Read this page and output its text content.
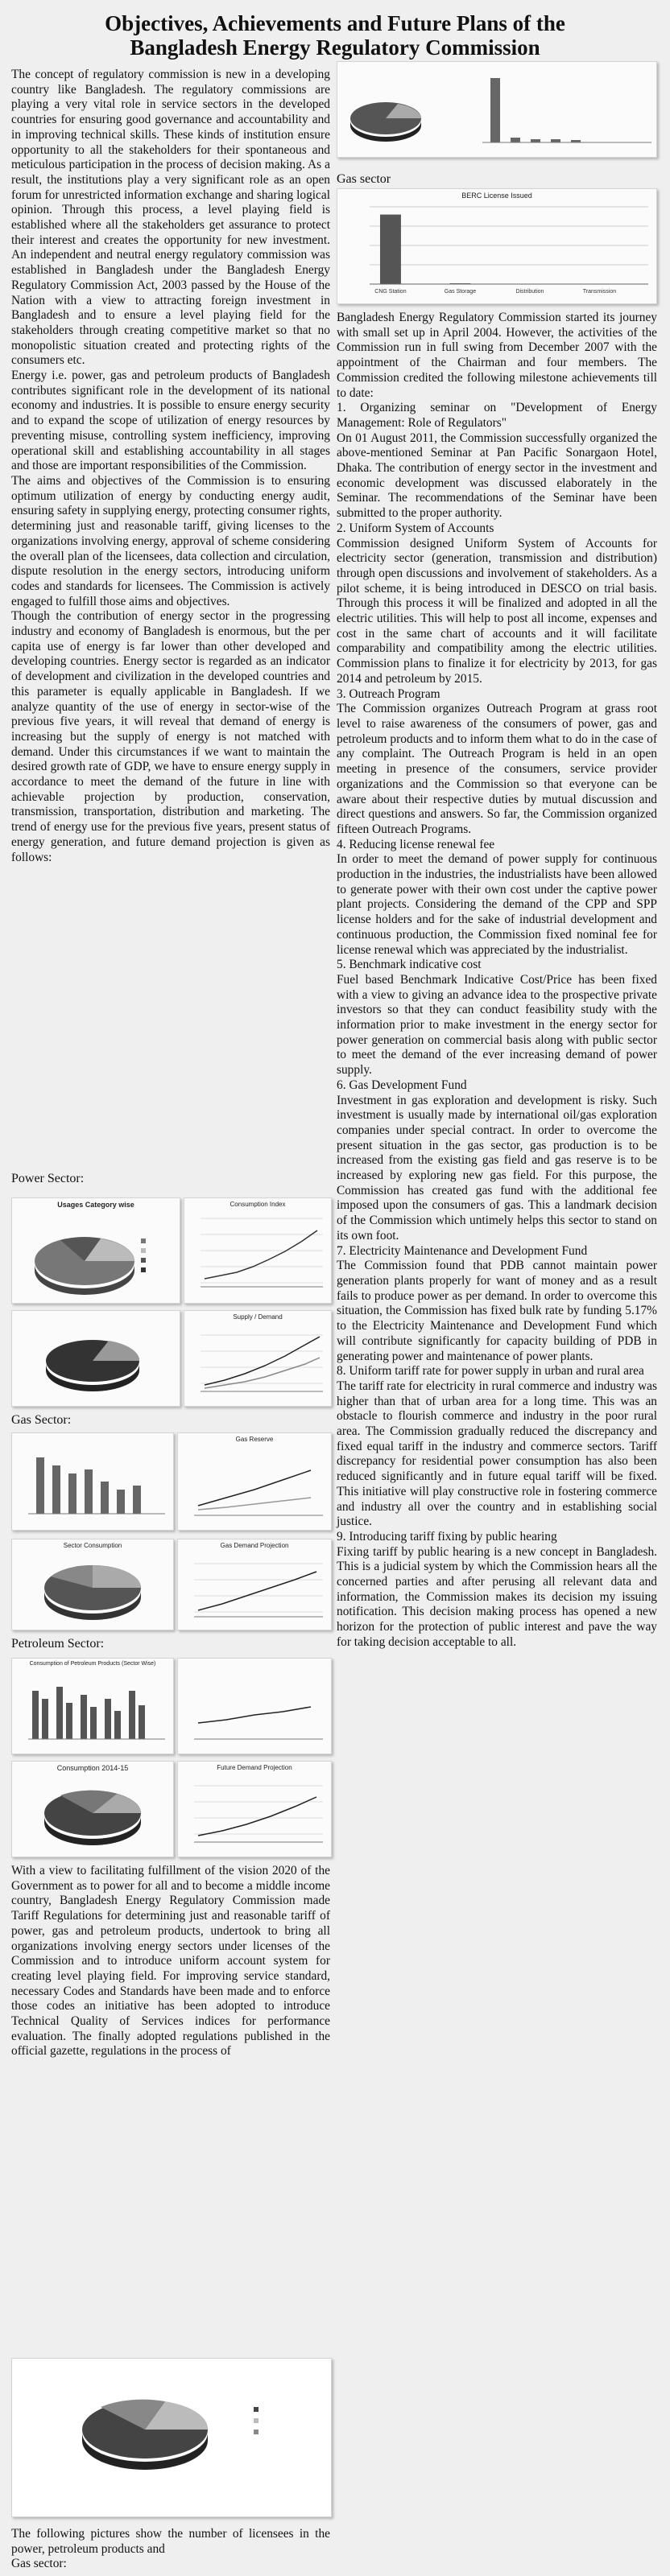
Objectives, Achievements and Future Plans of the
Bangladesh Energy Regulatory Commission

The concept of regulatory commission is new in a developing country like Bangladesh. The regulatory commissions are playing a very vital role in service sectors in the developed countries for ensuring good governance and accountability and in improving technical skills. These kinds of institution ensure opportunity to all the stakeholders for their spontaneous and meticulous participation in the process of decision making. As a result, the institutions play a very significant role as an open forum for unrestricted information exchange and sharing logical opinion. Through this process, a level playing field is established where all the stakeholders get assurance to protect their interest and creates the opportunity for new investment. An independent and neutral energy regulatory commission was established in Bangladesh under the Bangladesh Energy Regulatory Commission Act, 2003 passed by the House of the Nation with a view to attracting foreign investment in Bangladesh and to ensure a level playing field for the stakeholders through creating competitive market so that no monopolistic situation created and protecting rights of the consumers etc.

Energy i.e. power, gas and petroleum products of Bangladesh contributes significant role in the development of its national economy and industries. It is possible to ensure energy security and to expand the scope of utilization of energy resources by preventing misuse, controlling system inefficiency, improving operational skill and establishing accountability in all stages and those are important responsibilities of the Commission.

The aims and objectives of the Commission is to ensuring optimum utilization of energy by conducting energy audit, ensuring safety in supplying energy, protecting consumer rights, determining just and reasonable tariff, giving licenses to the organizations involving energy, approval of scheme considering the overall plan of the licensees, data collection and circulation, dispute resolution in the energy sectors, introducing uniform codes and standards for licensees. The Commission is actively engaged to fulfill those aims and objectives.

Though the contribution of energy sector in the progressing industry and economy of Bangladesh is enormous, but the per capita use of energy is far lower than other developed and developing countries. Energy sector is regarded as an indicator of development and civilization in the developed countries and this parameter is equally applicable in Bangladesh. If we analyze quantity of the use of energy in sector-wise of the previous five years, it will reveal that demand of energy is increasing but the supply of energy is not matched with demand. Under this circumstances if we want to maintain the desired growth rate of GDP, we have to ensure energy supply in accordance to meet the demand of the future in line with achievable projection by production, conservation, transmission, transportation, distribution and marketing. The trend of energy use for the previous five years, present status of energy generation, and future demand projection is given as follows:

Power Sector:
Usages Category wise	Consumption Index
Supply / Demand
Gas Sector:
Gas Reserve
Sector Consumption	Gas Demand Projection
Petroleum Sector:
Consumption of Petroleum Products (Sector Wise)
Consumption 2014-15	Future Demand Projection

With a view to facilitating fulfillment of the vision 2020 of the Government as to power for all and to become a middle income country, Bangladesh Energy Regulatory Commission made Tariff Regulations for determining just and reasonable tariff of power, gas and petroleum products, undertook to bring all organizations involving energy sectors under licenses of the Commission and to introduce uniform account system for creating level playing field. For improving service standard, necessary Codes and Standards have been made and to enforce those codes an initiative has been adopted to introduce Technical Quality of Services indices for performance evaluation. The finally adopted regulations published in the official gazette, regulations in the process of

The following pictures show the number of licensees in the power, petroleum products and

Gas sector:

Gas sector
BERC License Issued
CNG Station	Gas Storage	Distribution	Transmission

Bangladesh Energy Regulatory Commission started its journey with small set up in April 2004. However, the activities of the Commission run in full swing from December 2007 with the appointment of the Chairman and four members. The Commission credited the following milestone achievements till to date:

1. Organizing seminar on "Development of Energy Management: Role of Regulators"

On 01 August 2011, the Commission successfully organized the above-mentioned Seminar at Pan Pacific Sonargaon Hotel, Dhaka. The contribution of energy sector in the investment and economic development was discussed elaborately in the Seminar. The recommendations of the Seminar have been submitted to the proper authority.

2. Uniform System of Accounts

Commission designed Uniform System of Accounts for electricity sector (generation, transmission and distribution) through open discussions and involvement of stakeholders. As a pilot scheme, it is being introduced in DESCO on trial basis. Through this process it will be finalized and adopted in all the electric utilities. This will help to post all income, expenses and cost in the same chart of accounts and it will facilitate comparability and compatibility among the electric utilities. Commission plans to finalize it for electricity by 2013, for gas 2014 and petroleum by 2015.

3. Outreach Program

The Commission organizes Outreach Program at grass root level to raise awareness of the consumers of power, gas and petroleum products and to inform them what to do in the case of any complaint. The Outreach Program is held in an open meeting in presence of the consumers, service provider organizations and the Commission so that everyone can be aware about their respective duties by mutual discussion and direct questions and answers. So far, the Commission organized fifteen Outreach Programs.

4. Reducing license renewal fee

In order to meet the demand of power supply for continuous production in the industries, the industrialists have been allowed to generate power with their own cost under the captive power plant projects. Considering the demand of the CPP and SPP license holders and for the sake of industrial development and continuous production, the Commission fixed nominal fee for license renewal which was appreciated by the industrialist.

5. Benchmark indicative cost

Fuel based Benchmark Indicative Cost/Price has been fixed with a view to giving an advance idea to the prospective private investors so that they can conduct feasibility study with the information prior to make investment in the energy sector for power generation on commercial basis along with public sector to meet the demand of the ever increasing demand of power supply.

6. Gas Development Fund

Investment in gas exploration and development is risky. Such investment is usually made by international oil/gas exploration companies under special contract. In order to overcome the present situation in the gas sector, gas production is to be increased from the existing gas field and gas reserve is to be increased by exploring new gas field. For this purpose, the Commission has created gas fund with the additional fee imposed upon the consumers of gas. This a landmark decision of the Commission which untimely helps this sector to stand on its own foot.

7. Electricity Maintenance and Development Fund

The Commission found that PDB cannot maintain power generation plants properly for want of money and as a result fails to produce power as per demand. In order to overcome this situation, the Commission has fixed bulk rate by funding 5.17% to the Electricity Maintenance and Development Fund which will contribute significantly for capacity building of PDB in generating power and maintenance of power plants.

8. Uniform tariff rate for power supply in urban and rural area

The tariff rate for electricity in rural commerce and industry was higher than that of urban area for a long time. This was an obstacle to flourish commerce and industry in the poor rural area. The Commission gradually reduced the discrepancy and fixed equal tariff in the industry and commerce sectors. Tariff discrepancy for residential power consumption has also been reduced significantly and in future equal tariff will be fixed. This initiative will play constructive role in fostering commerce and industry all over the country and in establishing social justice.

9. Introducing tariff fixing by public hearing

Fixing tariff by public hearing is a new concept in Bangladesh. This is a judicial system by which the Commission hears all the concerned parties and after perusing all relevant data and information, the Commission makes its decision my issuing notification. This decision making process has opened a new horizon for the protection of public interest and pave the way for taking decision acceptable to all.
